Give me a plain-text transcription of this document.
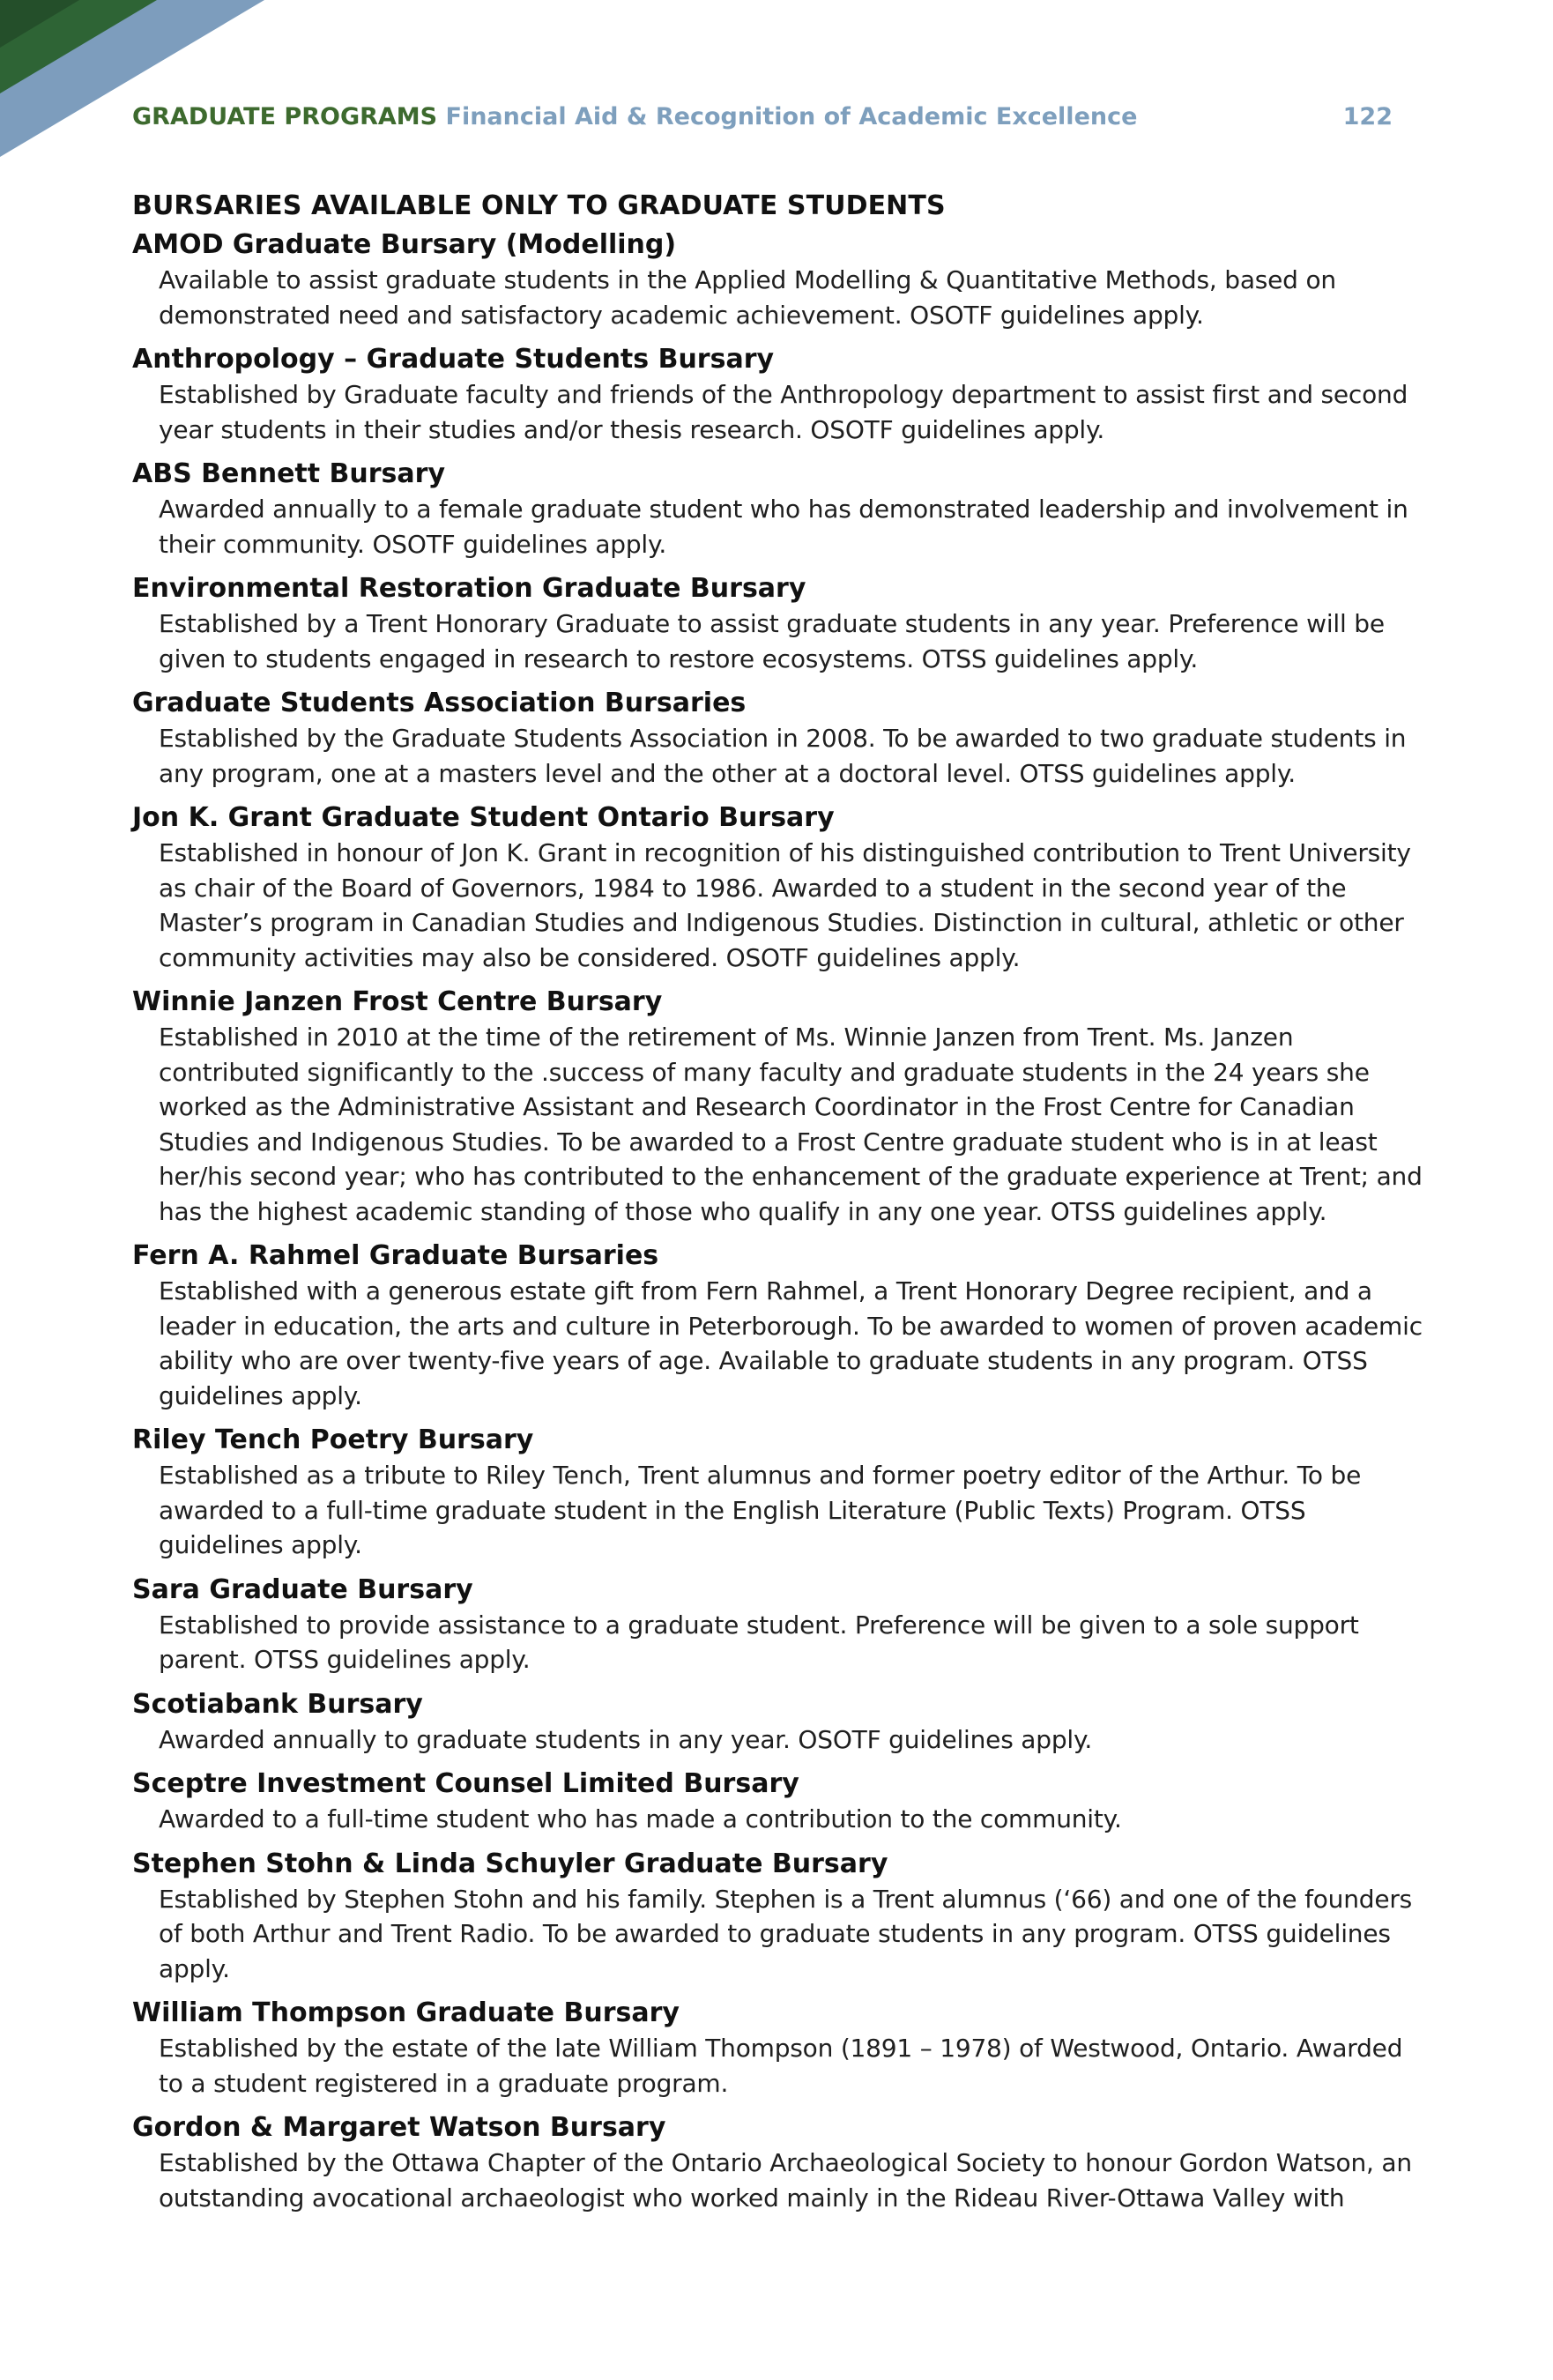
GRADUATE PROGRAMS Financial Aid & Recognition of Academic Excellence	122
BURSARIES AVAILABLE ONLY TO GRADUATE STUDENTS
AMOD Graduate Bursary (Modelling)
Available to assist graduate students in the Applied Modelling & Quantitative Methods, based on demonstrated need and satisfactory academic achievement. OSOTF guidelines apply.
Anthropology – Graduate Students Bursary
Established by Graduate faculty and friends of the Anthropology department to assist first and second year students in their studies and/or thesis research. OSOTF guidelines apply.
ABS Bennett Bursary
Awarded annually to a female graduate student who has demonstrated leadership and involvement in their community. OSOTF guidelines apply.
Environmental Restoration Graduate Bursary
Established by a Trent Honorary Graduate to assist graduate students in any year. Preference will be given to students engaged in research to restore ecosystems. OTSS guidelines apply.
Graduate Students Association Bursaries
Established by the Graduate Students Association in 2008. To be awarded to two graduate students in any program, one at a masters level and the other at a doctoral level. OTSS guidelines apply.
Jon K. Grant Graduate Student Ontario Bursary
Established in honour of Jon K. Grant in recognition of his distinguished contribution to Trent University as chair of the Board of Governors, 1984 to 1986. Awarded to a student in the second year of the Master’s program in Canadian Studies and Indigenous Studies. Distinction in cultural, athletic or other community activities may also be considered. OSOTF guidelines apply.
Winnie Janzen Frost Centre Bursary
Established in 2010 at the time of the retirement of Ms. Winnie Janzen from Trent. Ms. Janzen contributed significantly to the .success of many faculty and graduate students in the 24 years she worked as the Administrative Assistant and Research Coordinator in the Frost Centre for Canadian Studies and Indigenous Studies. To be awarded to a Frost Centre graduate student who is in at least her/his second year; who has contributed to the enhancement of the graduate experience at Trent; and has the highest academic standing of those who qualify in any one year. OTSS guidelines apply.
Fern A. Rahmel Graduate Bursaries
Established with a generous estate gift from Fern Rahmel, a Trent Honorary Degree recipient, and a leader in education, the arts and culture in Peterborough. To be awarded to women of proven academic ability who are over twenty-five years of age. Available to graduate students in any program. OTSS guidelines apply.
Riley Tench Poetry Bursary
Established as a tribute to Riley Tench, Trent alumnus and former poetry editor of the Arthur. To be awarded to a full-time graduate student in the English Literature (Public Texts) Program. OTSS guidelines apply.
Sara Graduate Bursary
Established to provide assistance to a graduate student. Preference will be given to a sole support parent. OTSS guidelines apply.
Scotiabank Bursary
Awarded annually to graduate students in any year. OSOTF guidelines apply.
Sceptre Investment Counsel Limited Bursary
Awarded to a full-time student who has made a contribution to the community.
Stephen Stohn & Linda Schuyler Graduate Bursary
Established by Stephen Stohn and his family. Stephen is a Trent alumnus (‘66) and one of the founders of both Arthur and Trent Radio. To be awarded to graduate students in any program. OTSS guidelines apply.
William Thompson Graduate Bursary
Established by the estate of the late William Thompson (1891 – 1978) of Westwood, Ontario. Awarded to a student registered in a graduate program.
Gordon & Margaret Watson Bursary
Established by the Ottawa Chapter of the Ontario Archaeological Society to honour Gordon Watson, an outstanding avocational archaeologist who worked mainly in the Rideau River-Ottawa Valley with
